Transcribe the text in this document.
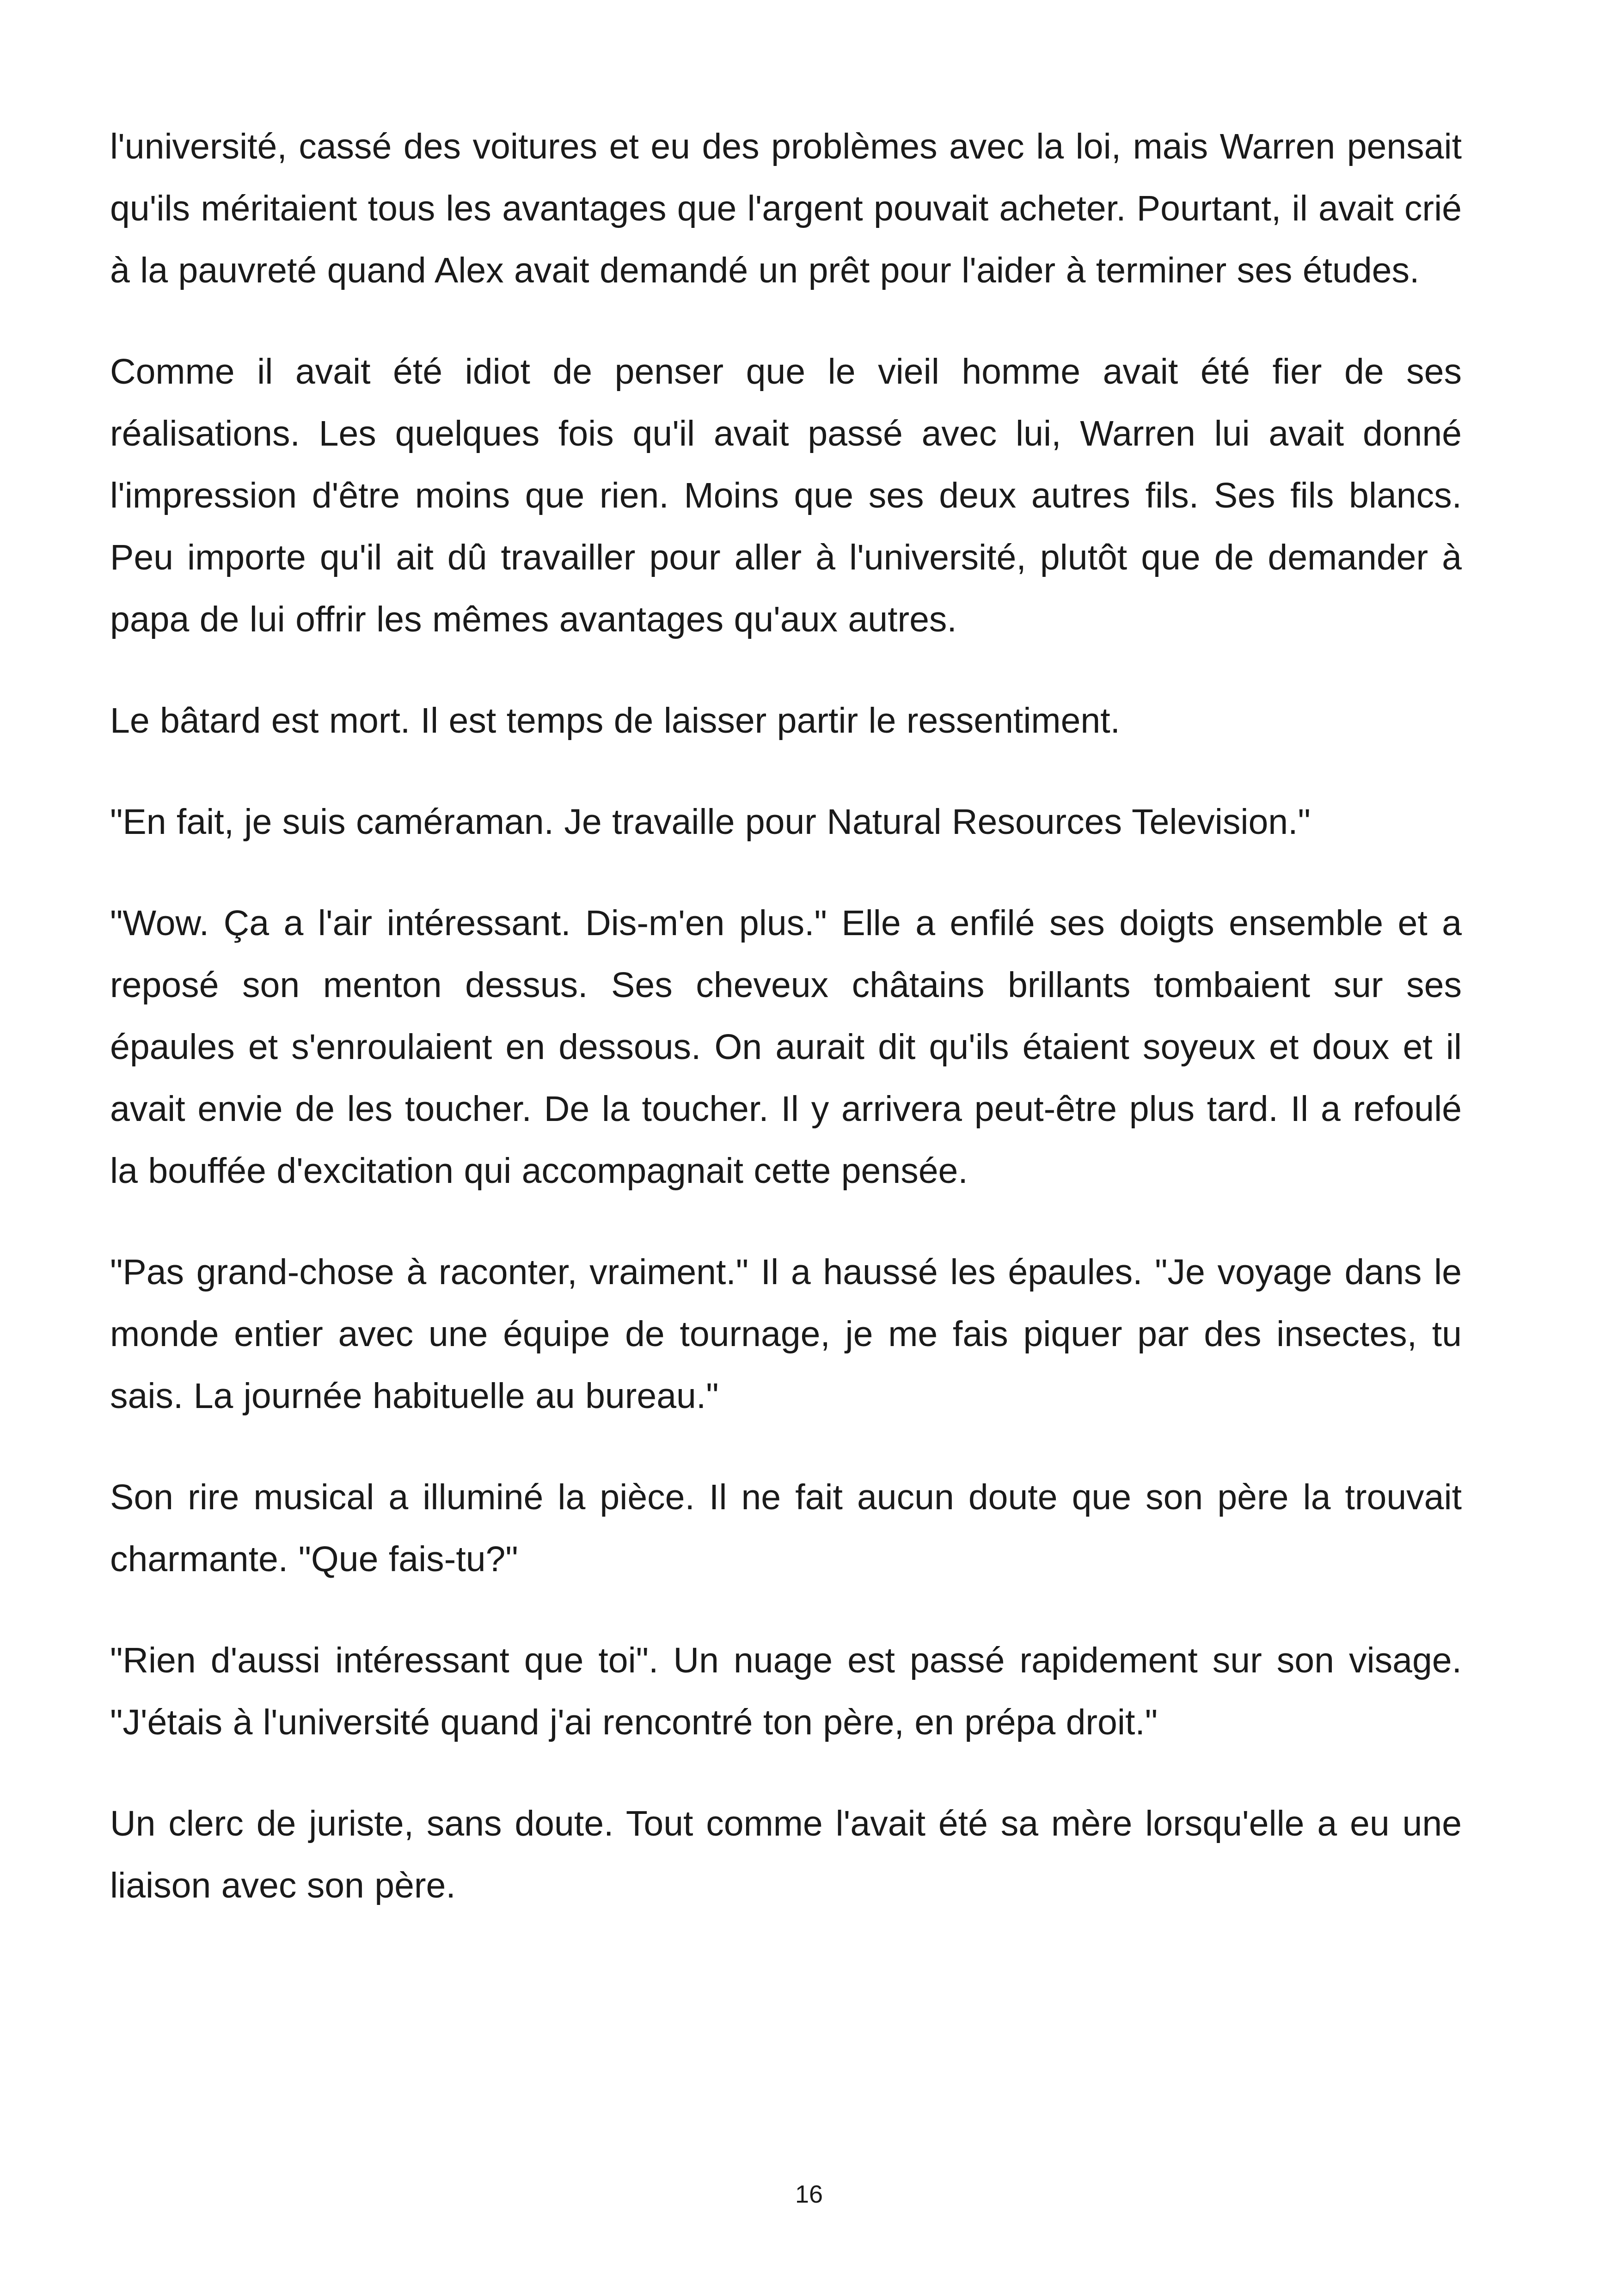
l'université, cassé des voitures et eu des problèmes avec la loi, mais Warren pensait qu'ils méritaient tous les avantages que l'argent pouvait acheter. Pourtant, il avait crié à la pauvreté quand Alex avait demandé un prêt pour l'aider à terminer ses études.

Comme il avait été idiot de penser que le vieil homme avait été fier de ses réalisations. Les quelques fois qu'il avait passé avec lui, Warren lui avait donné l'impression d'être moins que rien. Moins que ses deux autres fils. Ses fils blancs. Peu importe qu'il ait dû travailler pour aller à l'université, plutôt que de demander à papa de lui offrir les mêmes avantages qu'aux autres.

Le bâtard est mort. Il est temps de laisser partir le ressentiment.

"En fait, je suis caméraman. Je travaille pour Natural Resources Television."

"Wow. Ça a l'air intéressant. Dis-m'en plus." Elle a enfilé ses doigts ensemble et a reposé son menton dessus. Ses cheveux châtains brillants tombaient sur ses épaules et s'enroulaient en dessous. On aurait dit qu'ils étaient soyeux et doux et il avait envie de les toucher. De la toucher. Il y arrivera peut-être plus tard. Il a refoulé la bouffée d'excitation qui accompagnait cette pensée.

"Pas grand-chose à raconter, vraiment." Il a haussé les épaules. "Je voyage dans le monde entier avec une équipe de tournage, je me fais piquer par des insectes, tu sais. La journée habituelle au bureau."

Son rire musical a illuminé la pièce. Il ne fait aucun doute que son père la trouvait charmante. "Que fais-tu?"

"Rien d'aussi intéressant que toi". Un nuage est passé rapidement sur son visage. "J'étais à l'université quand j'ai rencontré ton père, en prépa droit."

Un clerc de juriste, sans doute. Tout comme l'avait été sa mère lorsqu'elle a eu une liaison avec son père.

16
